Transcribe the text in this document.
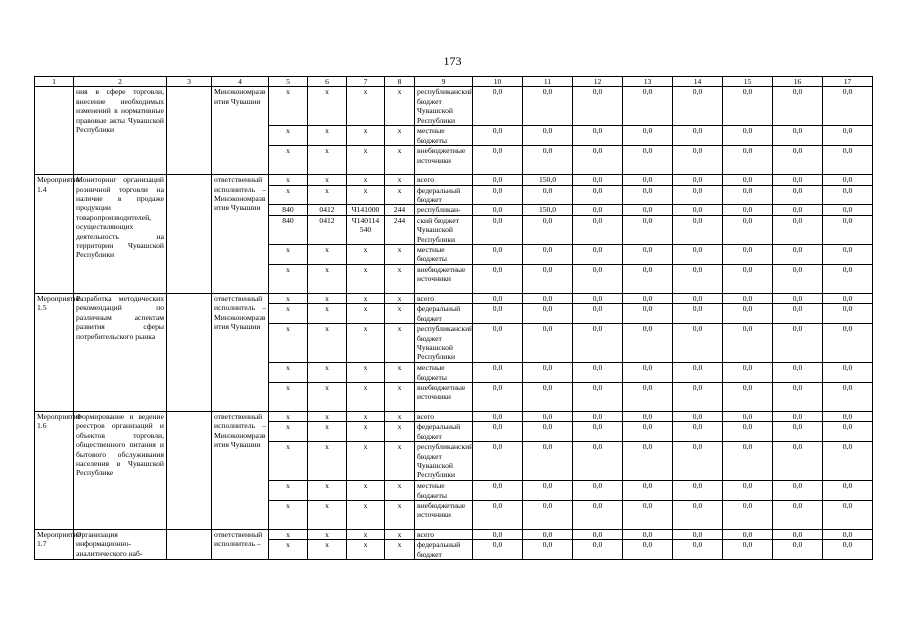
173
1	2	3	4	5	6	7	8	9	10	11	12	13	14	15	16	17
	ния в сфере торговли, внесение необходимых изменений в нормативные правовые акты Чувашской Республики		Минэкономразвития Чувашии	x	x	x	x	республиканский бюджет Чувашской Республики	0,0	0,0	0,0	0,0	0,0	0,0	0,0	0,0
				x	x	x	x	местные бюджеты	0,0	0,0	0,0	0,0	0,0	0,0	0,0	0,0
				x	x	x	x	внебюджетные источники	0,0	0,0	0,0	0,0	0,0	0,0	0,0	0,0
Мероприятие 1.4	Мониторинг организаций розничной торговли на наличие в продаже продукции товаропроизводителей, осуществляющих деятельность на территории Чувашской Республики		ответственный исполнитель – Минэкономразвития Чувашии	x	x	x	x	всего	0,0	150,0	0,0	0,0	0,0	0,0	0,0	0,0
				x	x	x	x	федеральный бюджет	0,0	0,0	0,0	0,0	0,0	0,0	0,0	0,0
				840	0412	Ч141000	244	республикан-	0,0	150,0	0,0	0,0	0,0	0,0	0,0	0,0
				840	0412	Ч140114 540	244	ский бюджет Чувашской Республики	0,0	0,0	0,0	0,0	0,0	0,0	0,0	0,0
				x	x	x	x	местные бюджеты	0,0	0,0	0,0	0,0	0,0	0,0	0,0	0,0
				x	x	x	x	внебюджетные источники	0,0	0,0	0,0	0,0	0,0	0,0	0,0	0,0
Мероприятие 1.5	Разработка методических рекомендаций по различным аспектам развития сферы потребительского рынка		ответственный исполнитель – Минэкономразвития Чувашии	x	x	x	x	всего	0,0	0,0	0,0	0,0	0,0	0,0	0,0	0,0
				x	x	x	x	федеральный бюджет	0,0	0,0	0,0	0,0	0,0	0,0	0,0	0,0
				x	x	x	x	республиканский бюджет Чувашской Республики	0,0	0,0	0,0	0,0	0,0	0,0	0,0	0,0
				x	x	x	x	местные бюджеты	0,0	0,0	0,0	0,0	0,0	0,0	0,0	0,0
				x	x	x	x	внебюджетные источники	0,0	0,0	0,0	0,0	0,0	0,0	0,0	0,0
Мероприятие 1.6	Формирование и ведение реестров организаций и объектов торговли, общественного питания и бытового обслуживания населения в Чувашской Республике		ответственный исполнитель – Минэкономразвития Чувашии	x	x	x	x	всего	0,0	0,0	0,0	0,0	0,0	0,0	0,0	0,0
				x	x	x	x	федеральный бюджет	0,0	0,0	0,0	0,0	0,0	0,0	0,0	0,0
				x	x	x	x	республиканский бюджет Чувашской Республики	0,0	0,0	0,0	0,0	0,0	0,0	0,0	0,0
				x	x	x	x	местные бюджеты	0,0	0,0	0,0	0,0	0,0	0,0	0,0	0,0
				x	x	x	x	внебюджетные источники	0,0	0,0	0,0	0,0	0,0	0,0	0,0	0,0
Мероприятие 1.7	Организация информационно-аналитического наб-		ответственный исполнитель –	x	x	x	x	всего	0,0	0,0	0,0	0,0	0,0	0,0	0,0	0,0
				x	x	x	x	федеральный бюджет	0,0	0,0	0,0	0,0	0,0	0,0	0,0	0,0
